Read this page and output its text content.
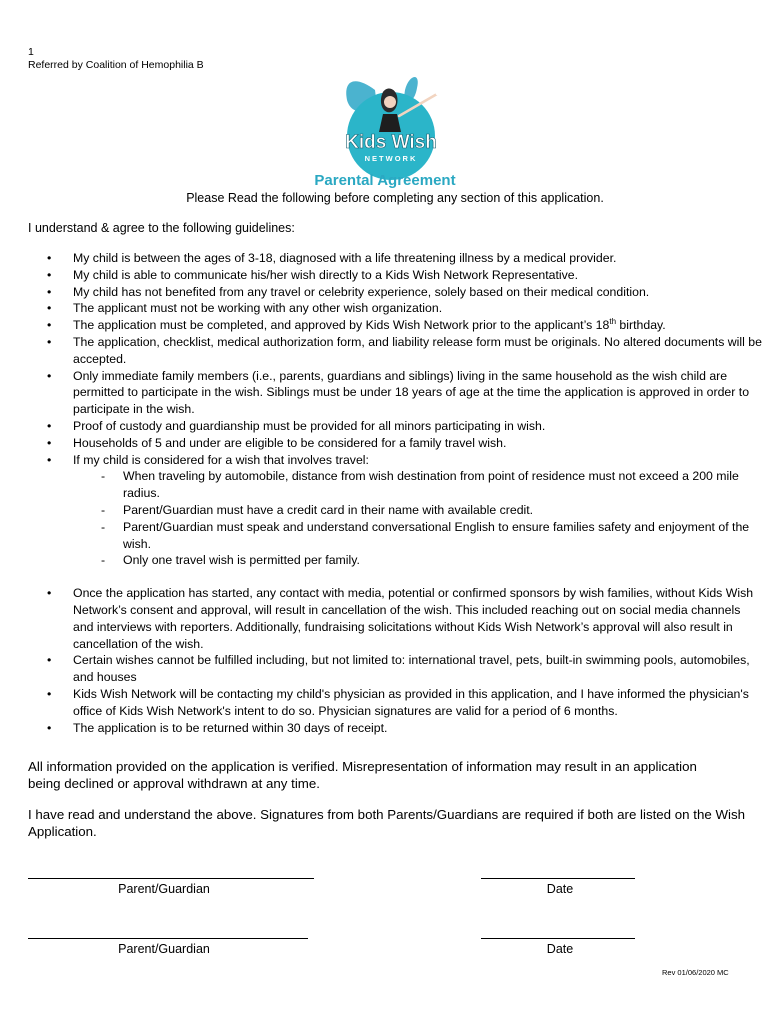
1
Referred by Coalition of Hemophilia B
Kids Wish
NETWORK
Parental Agreement
Please Read the following before completing any section of this application.
I understand & agree to the following guidelines:
• My child is between the ages of 3-18, diagnosed with a life threatening illness by a medical provider.
• My child is able to communicate his/her wish directly to a Kids Wish Network Representative.
• My child has not benefited from any travel or celebrity experience, solely based on their medical condition.
• The applicant must not be working with any other wish organization.
• The application must be completed, and approved by Kids Wish Network prior to the applicant’s 18th birthday.
• The application, checklist, medical authorization form, and liability release form must be originals. No altered documents will be accepted.
• Only immediate family members (i.e., parents, guardians and siblings) living in the same household as the wish child are permitted to participate in the wish. Siblings must be under 18 years of age at the time the application is approved in order to participate in the wish.
• Proof of custody and guardianship must be provided for all minors participating in wish.
• Households of 5 and under are eligible to be considered for a family travel wish.
• If my child is considered for a wish that involves travel:
- When traveling by automobile, distance from wish destination from point of residence must not exceed a 200 mile radius.
- Parent/Guardian must have a credit card in their name with available credit.
- Parent/Guardian must speak and understand conversational English to ensure families safety and enjoyment of the wish.
- Only one travel wish is permitted per family.
• Once the application has started, any contact with media, potential or confirmed sponsors by wish families, without Kids Wish Network’s consent and approval, will result in cancellation of the wish. This included reaching out on social media channels and interviews with reporters. Additionally, fundraising solicitations without Kids Wish Network’s approval will also result in cancellation of the wish.
• Certain wishes cannot be fulfilled including, but not limited to: international travel, pets, built-in swimming pools, automobiles, and houses
• Kids Wish Network will be contacting my child's physician as provided in this application, and I have informed the physician's office of Kids Wish Network's intent to do so. Physician signatures are valid for a period of 6 months.
• The application is to be returned within 30 days of receipt.
All information provided on the application is verified. Misrepresentation of information may result in an application being declined or approval withdrawn at any time.
I have read and understand the above. Signatures from both Parents/Guardians are required if both are listed on the Wish Application.
Parent/Guardian	Date
Parent/Guardian	Date
Rev 01/06/2020 MC
